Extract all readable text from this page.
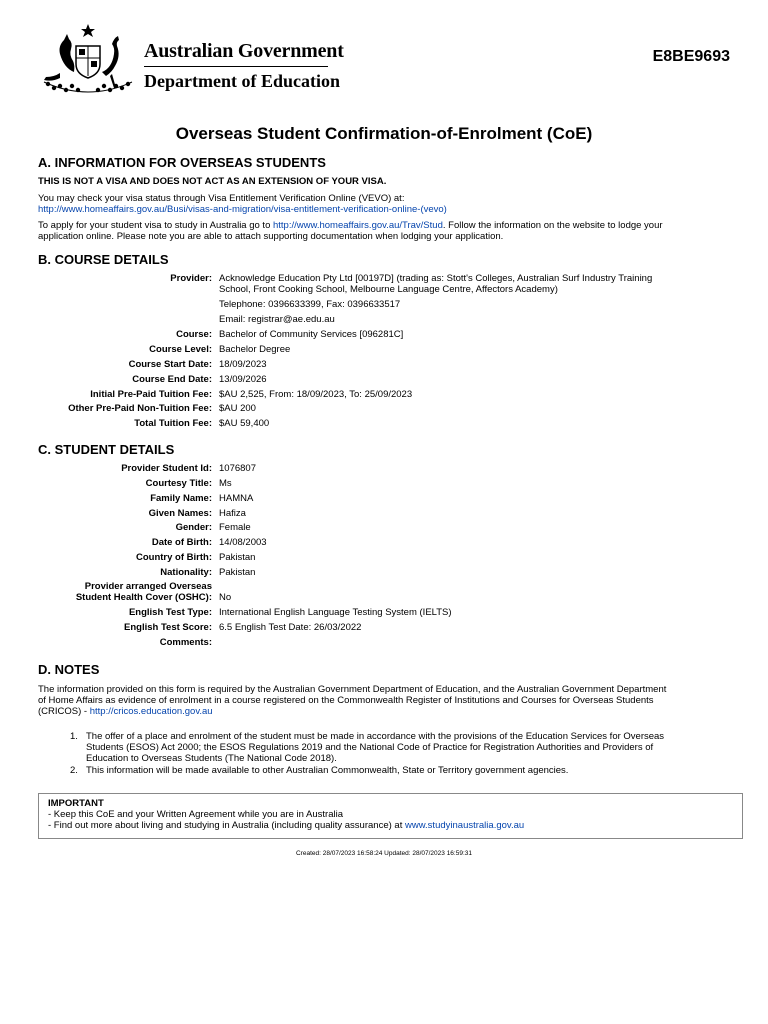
Australian Government
Department of Education
E8BE9693
Overseas Student Confirmation-of-Enrolment (CoE)
A. INFORMATION FOR OVERSEAS STUDENTS
THIS IS NOT A VISA AND DOES NOT ACT AS AN EXTENSION OF YOUR VISA.
You may check your visa status through Visa Entitlement Verification Online (VEVO) at:
http://www.homeaffairs.gov.au/Busi/visas-and-migration/visa-entitlement-verification-online-(vevo)
To apply for your student visa to study in Australia go to http://www.homeaffairs.gov.au/Trav/Stud. Follow the information on the website to lodge your
application online. Please note you are able to attach supporting documentation when lodging your application.
B. COURSE DETAILS
Provider: Acknowledge Education Pty Ltd [00197D] (trading as: Stott's Colleges, Australian Surf Industry Training
School, Front Cooking School, Melbourne Language Centre, Affectors Academy)
Telephone: 0396633399, Fax: 0396633517
Email: registrar@ae.edu.au
Course: Bachelor of Community Services [096281C]
Course Level: Bachelor Degree
Course Start Date: 18/09/2023
Course End Date: 13/09/2026
Initial Pre-Paid Tuition Fee: $AU 2,525, From: 18/09/2023, To: 25/09/2023
Other Pre-Paid Non-Tuition Fee: $AU 200
Total Tuition Fee: $AU 59,400
C. STUDENT DETAILS
Provider Student Id: 1076807
Courtesy Title: Ms
Family Name: HAMNA
Given Names: Hafiza
Gender: Female
Date of Birth: 14/08/2003
Country of Birth: Pakistan
Nationality: Pakistan
Provider arranged Overseas
Student Health Cover (OSHC): No
English Test Type: International English Language Testing System (IELTS)
English Test Score: 6.5 English Test Date: 26/03/2022
Comments:
D. NOTES
The information provided on this form is required by the Australian Government Department of Education, and the Australian Government Department
of Home Affairs as evidence of enrolment in a course registered on the Commonwealth Register of Institutions and Courses for Overseas Students
(CRICOS) - http://cricos.education.gov.au
1. The offer of a place and enrolment of the student must be made in accordance with the provisions of the Education Services for Overseas
Students (ESOS) Act 2000; the ESOS Regulations 2019 and the National Code of Practice for Registration Authorities and Providers of
Education to Overseas Students (The National Code 2018).
2. This information will be made available to other Australian Commonwealth, State or Territory government agencies.
IMPORTANT
- Keep this CoE and your Written Agreement while you are in Australia
- Find out more about living and studying in Australia (including quality assurance) at www.studyinaustralia.gov.au
Created: 28/07/2023 16:58:24 Updated: 28/07/2023 16:59:31
